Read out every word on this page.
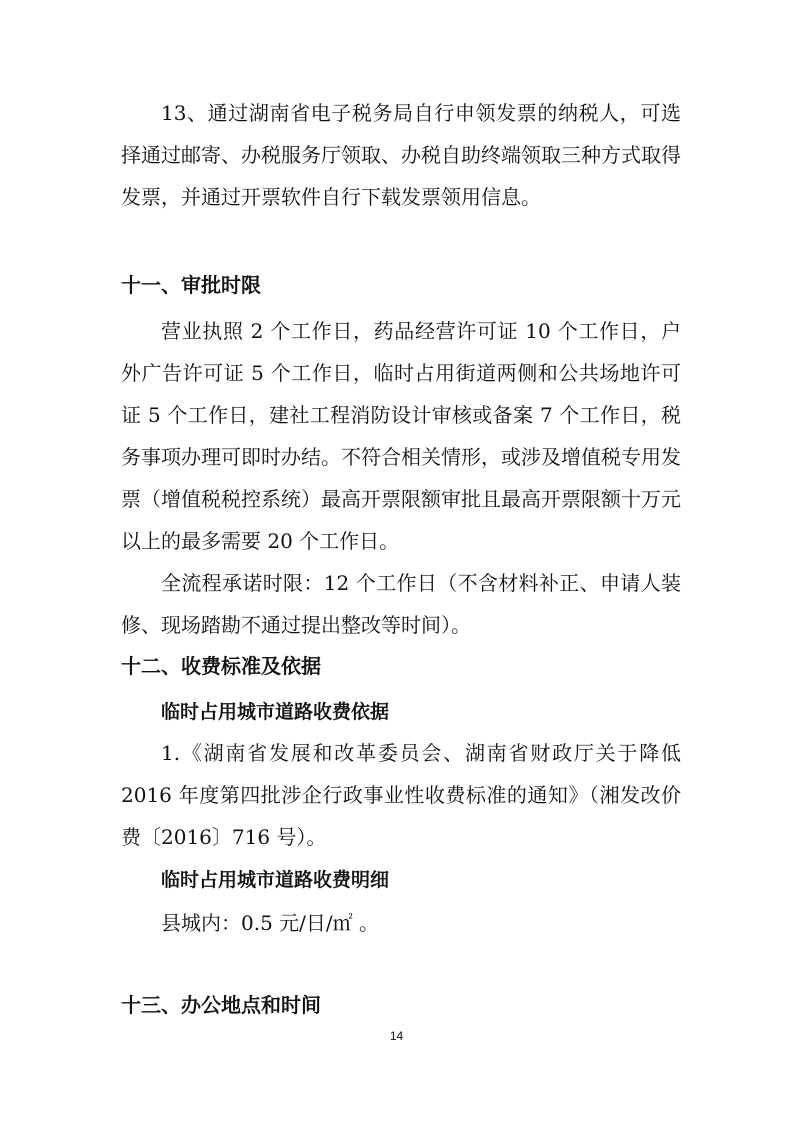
13、通过湖南省电子税务局自行申领发票的纳税人，可选择通过邮寄、办税服务厅领取、办税自助终端领取三种方式取得发票，并通过开票软件自行下载发票领用信息。

十一、审批时限

营业执照 2 个工作日，药品经营许可证 10 个工作日，户外广告许可证 5 个工作日，临时占用街道两侧和公共场地许可证 5 个工作日，建社工程消防设计审核或备案 7 个工作日，税务事项办理可即时办结。不符合相关情形，或涉及增值税专用发票（增值税税控系统）最高开票限额审批且最高开票限额十万元以上的最多需要 20 个工作日。

全流程承诺时限：12 个工作日（不含材料补正、申请人装修、现场踏勘不通过提出整改等时间）。

十二、收费标准及依据
临时占用城市道路收费依据

1.《湖南省发展和改革委员会、湖南省财政厅关于降低 2016 年度第四批涉企行政事业性收费标准的通知》（湘发改价费〔2016〕716 号）。

临时占用城市道路收费明细

县城内：0.5 元/日/㎡ 。

十三、办公地点和时间
14
